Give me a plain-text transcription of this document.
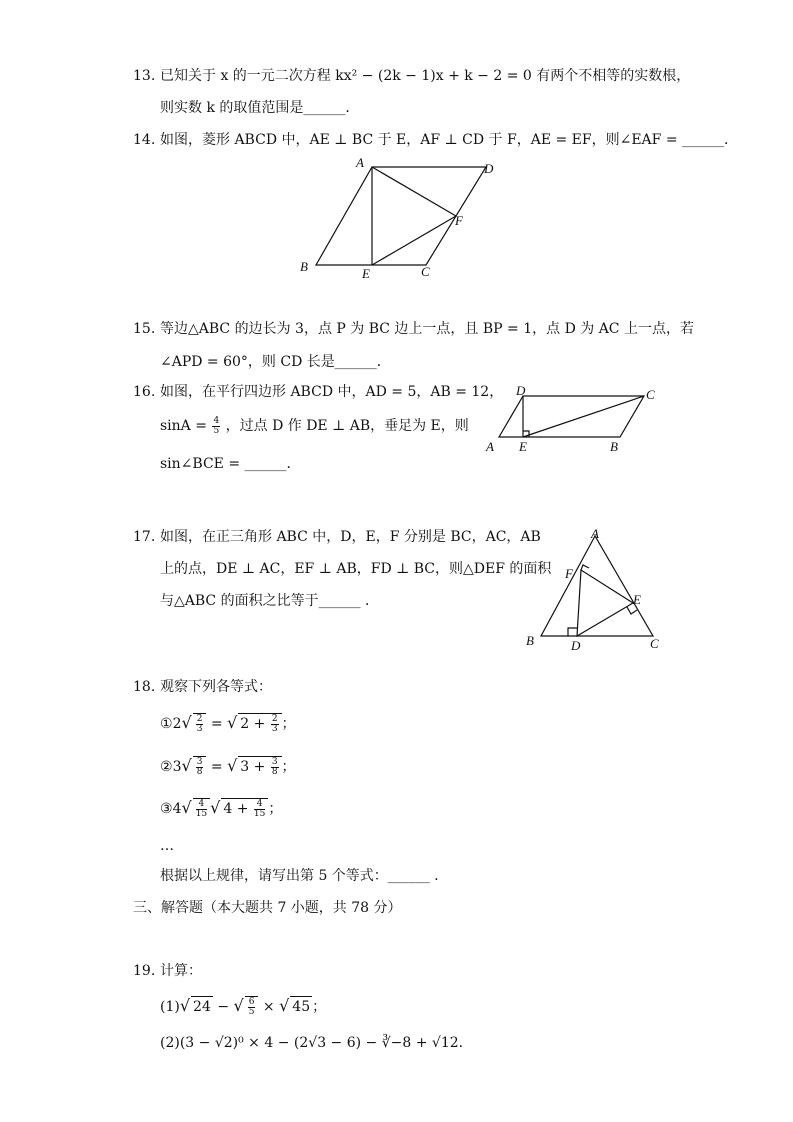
13. 已知关于 x 的一元二次方程 kx² − (2k − 1)x + k − 2 = 0 有两个不相等的实数根，
则实数 k 的取值范围是______．
14. 如图，菱形 ABCD 中，AE ⊥ BC 于 E，AF ⊥ CD 于 F，AE = EF，则∠EAF = ______．
A	D
F
B	E	C
15. 等边△ABC 的边长为 3，点 P 为 BC 边上一点，且 BP = 1，点 D 为 AC 上一点，若
∠APD = 60°，则 CD 长是______．
16. 如图，在平行四边形 ABCD 中，AD = 5，AB = 12，
$\sin A = \frac{4}{5}$ ，过点 D 作 DE ⊥ AB，垂足为 E，则
sin∠BCE = ______．
D	C
A E	B
17. 如图，在正三角形 ABC 中，D，E，F 分别是 BC，AC，AB
上的点，DE ⊥ AC，EF ⊥ AB，FD ⊥ BC，则△DEF 的面积
与△ABC 的面积之比等于______ ．
A
F
E
B	D	C
18. 观察下列各等式：
①2√ $\frac{2}{3}$ = √ $2 + \frac{2}{3}$ ；
②3√ $\frac{3}{8}$ = √ $3 + \frac{3}{8}$ ；
③4√ $\frac{4}{15}$ √ $4 + \frac{4}{15}$ ；
…
根据以上规律，请写出第 5 个等式：______ ．
三、解答题（本大题共 7 小题，共 78 分）
19. 计算：
(1)√ 24 − √ $\frac{6}{5}$ × √ 45 ；
(2)(3 − √2)⁰ × 4 − (2√3 − 6) − ∛−8 + √12．
